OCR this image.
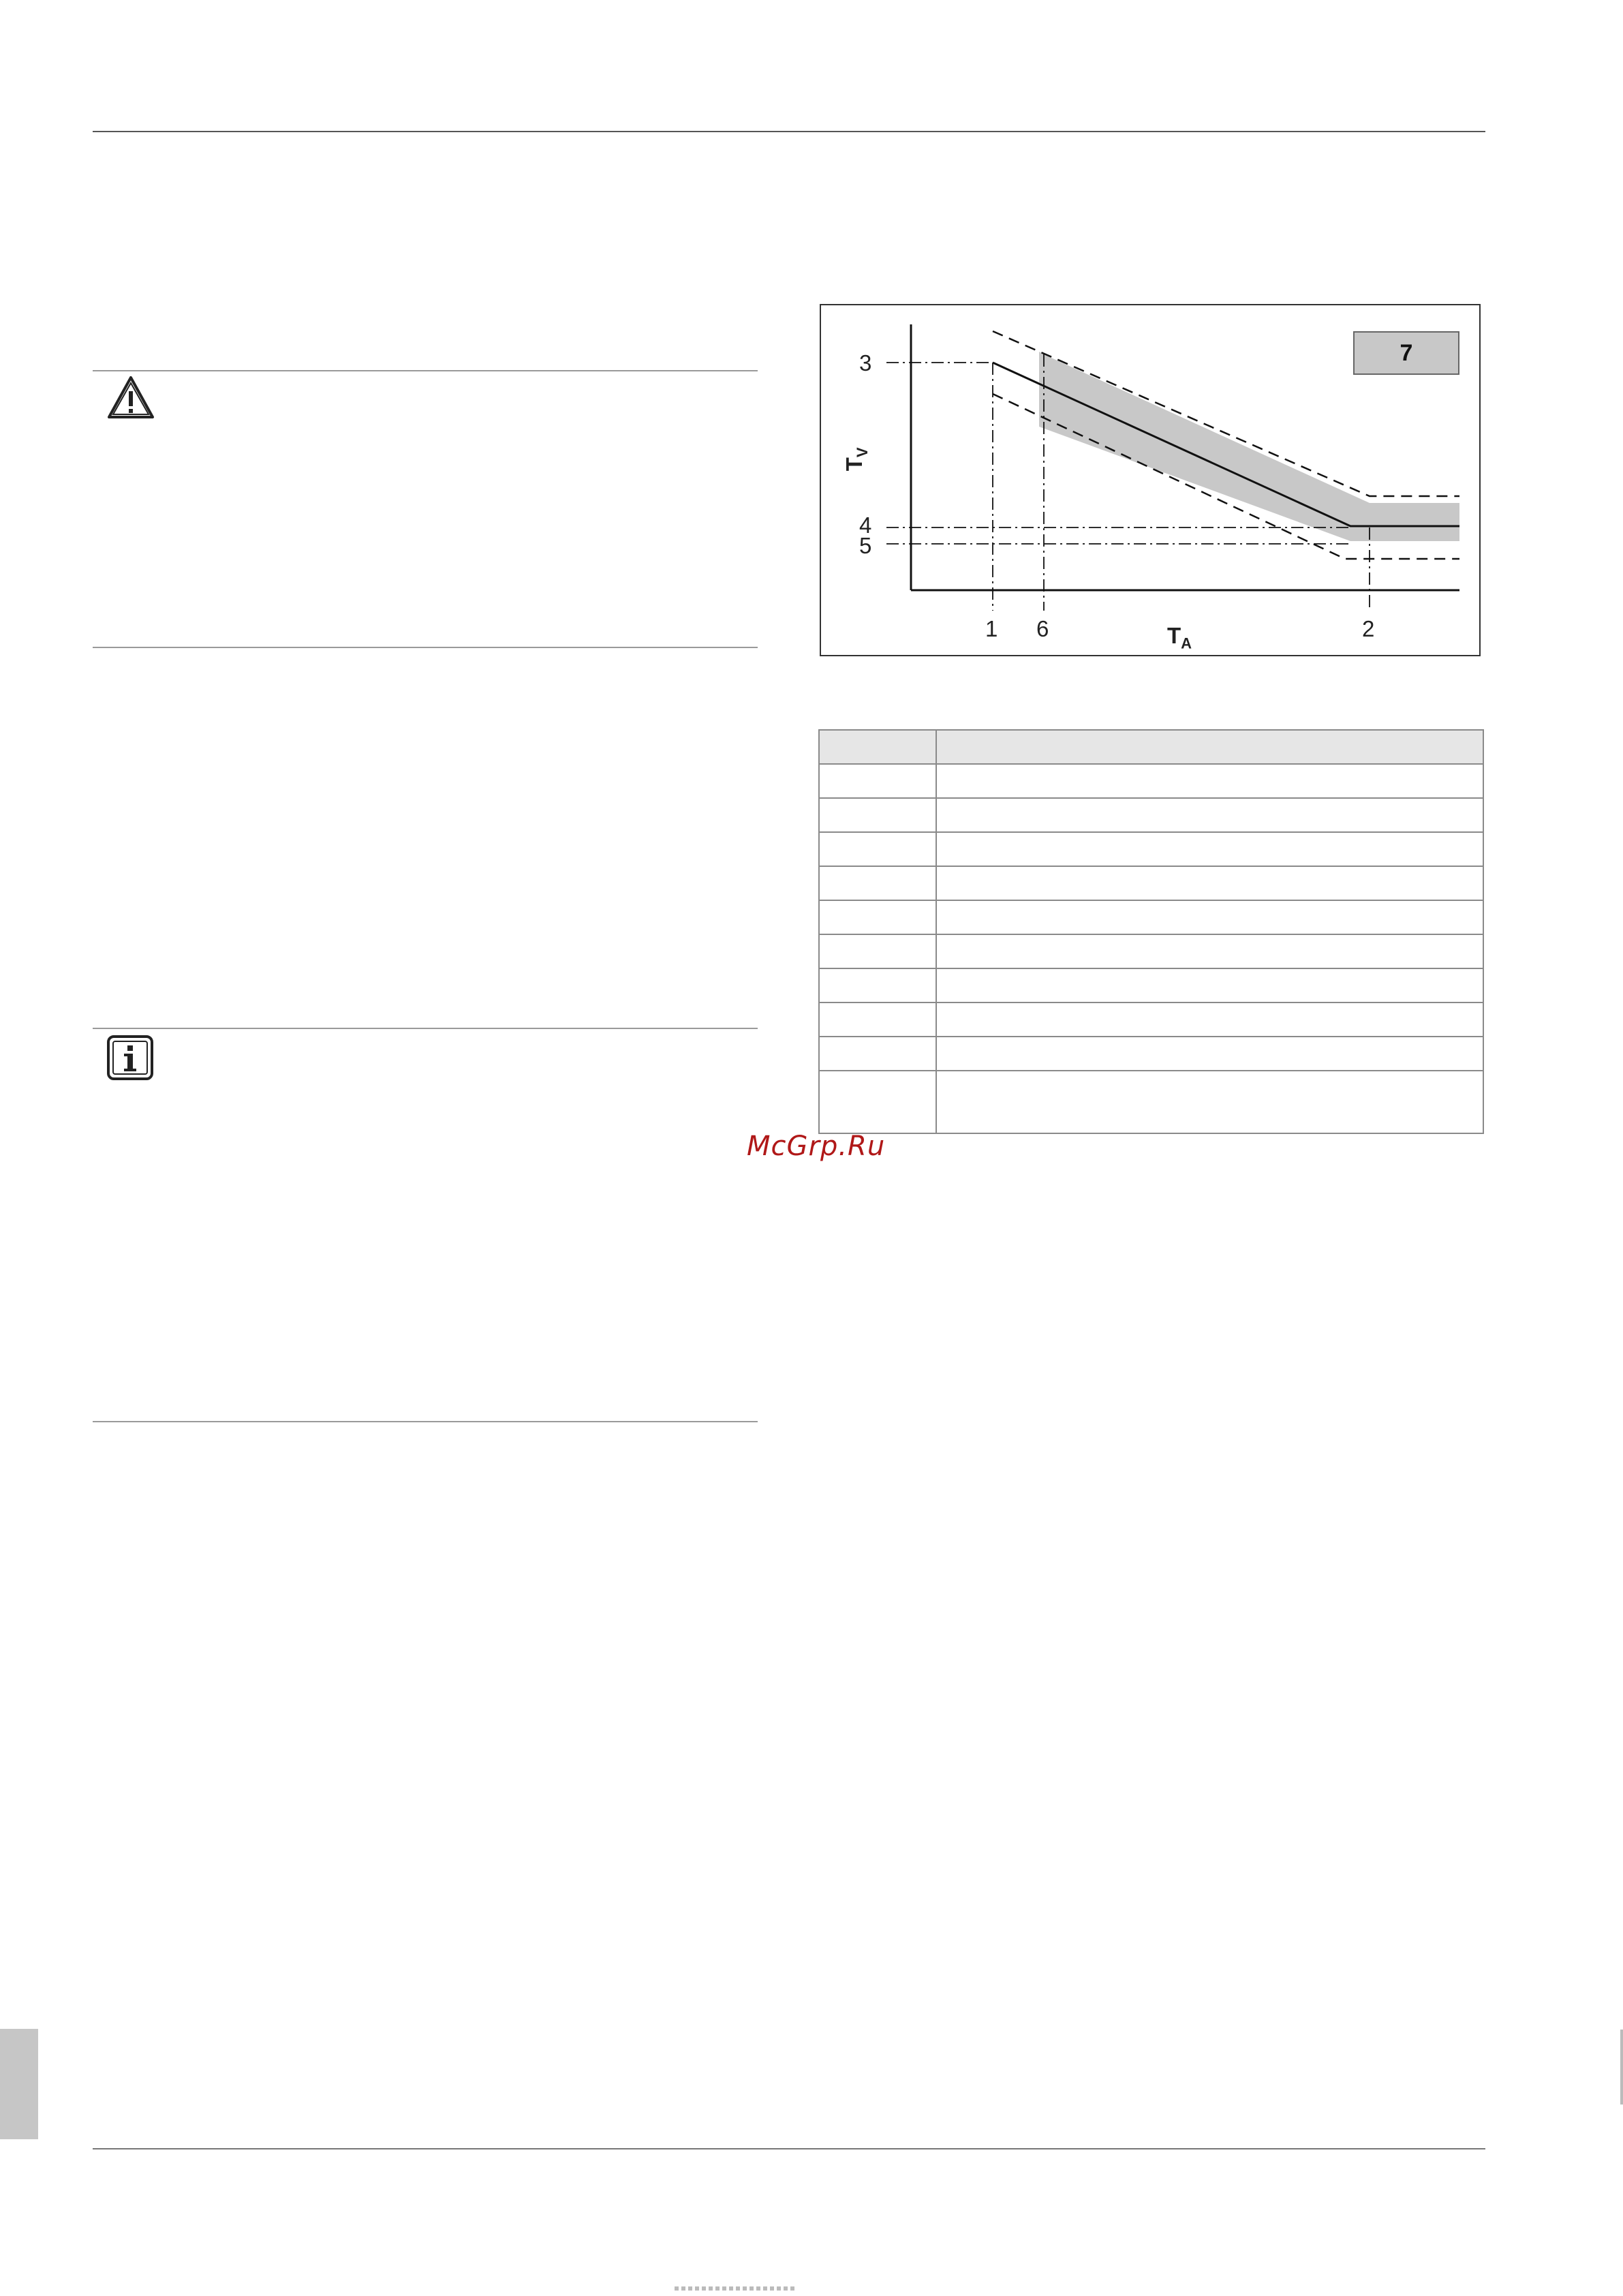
7
3
4
5
1 6	2
$T_V$
$T_A$

McGrp.Ru
